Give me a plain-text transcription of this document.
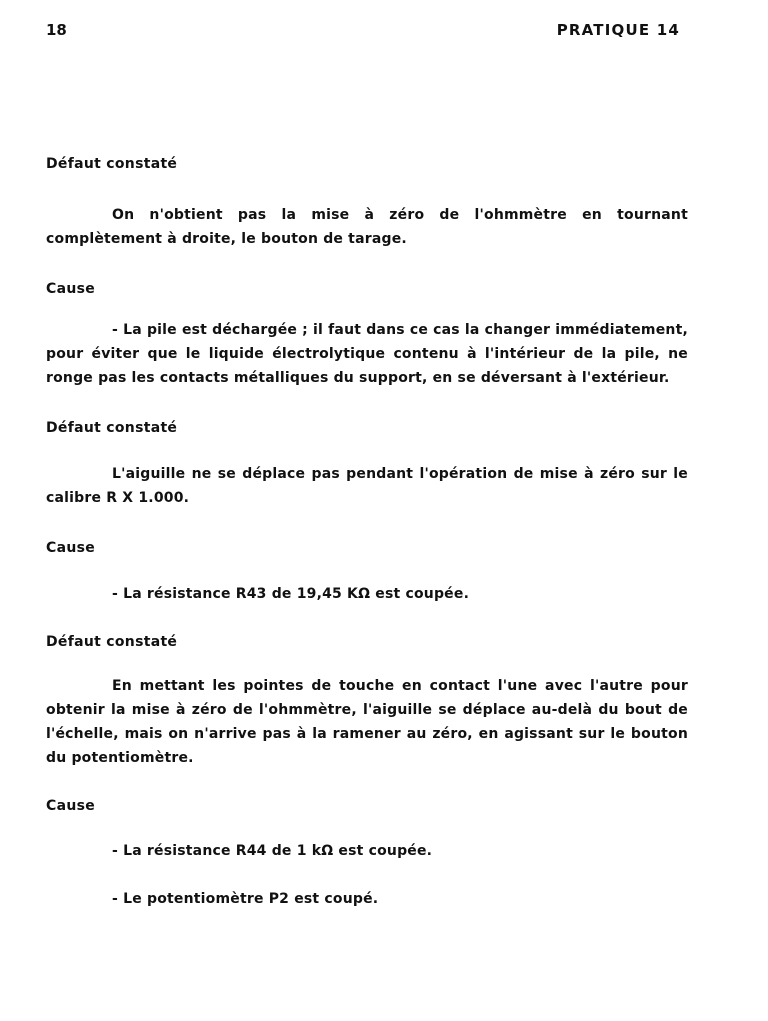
18	PRATIQUE 14

Défaut constaté

On n'obtient pas la mise à zéro de l'ohmmètre en tournant complètement à droite, le bouton de tarage.

Cause

- La pile est déchargée ; il faut dans ce cas la changer immédiatement, pour éviter que le liquide électrolytique contenu à l'intérieur de la pile, ne ronge pas les contacts métalliques du support, en se déversant à l'extérieur.

Défaut constaté

L'aiguille ne se déplace pas pendant l'opération de mise à zéro sur le calibre R X 1.000.

Cause

- La résistance R43 de 19,45 KΩ est coupée.

Défaut constaté

En mettant les pointes de touche en contact l'une avec l'autre pour obtenir la mise à zéro de l'ohmmètre, l'aiguille se déplace au-delà du bout de l'échelle, mais on n'arrive pas à la ramener au zéro, en agissant sur le bouton du potentiomètre.

Cause

- La résistance R44 de 1 kΩ est coupée.

- Le potentiomètre P2 est coupé.
